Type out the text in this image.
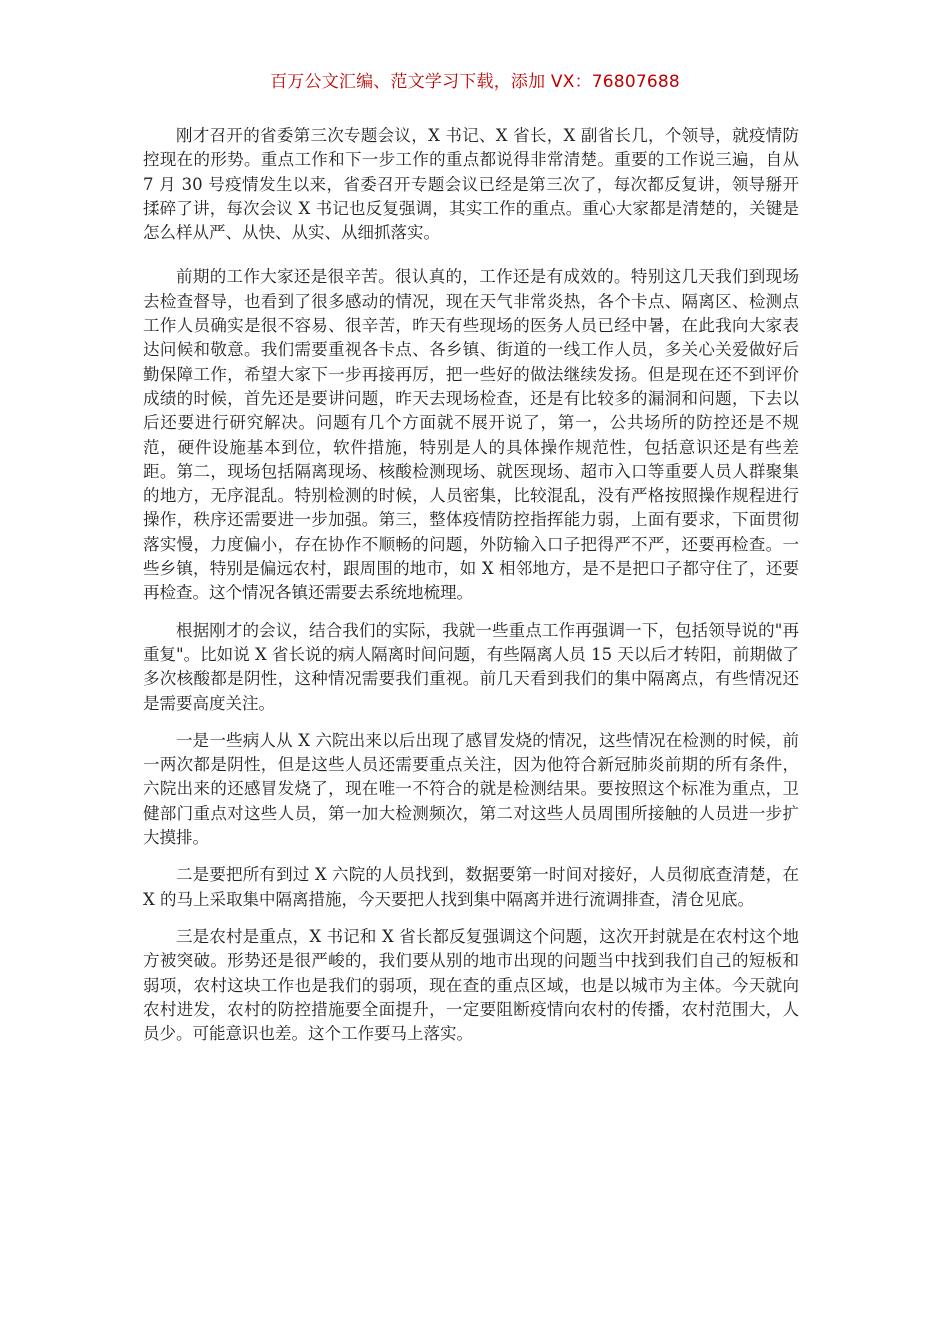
百万公文汇编、范文学习下载，添加 VX：76807688

刚才召开的省委第三次专题会议，X 书记、X 省长，X 副省长几，个领导，就疫情防控现在的形势。重点工作和下一步工作的重点都说得非常清楚。重要的工作说三遍，自从 7 月 30 号疫情发生以来，省委召开专题会议已经是第三次了，每次都反复讲，领导掰开揉碎了讲，每次会议 X 书记也反复强调，其实工作的重点。重心大家都是清楚的，关键是怎么样从严、从快、从实、从细抓落实。

前期的工作大家还是很辛苦。很认真的，工作还是有成效的。特别这几天我们到现场去检查督导，也看到了很多感动的情况，现在天气非常炎热，各个卡点、隔离区、检测点工作人员确实是很不容易、很辛苦，昨天有些现场的医务人员已经中暑，在此我向大家表达问候和敬意。我们需要重视各卡点、各乡镇、街道的一线工作人员，多关心关爱做好后勤保障工作，希望大家下一步再接再厉，把一些好的做法继续发扬。但是现在还不到评价成绩的时候，首先还是要讲问题，昨天去现场检查，还是有比较多的漏洞和问题，下去以后还要进行研究解决。问题有几个方面就不展开说了，第一，公共场所的防控还是不规范，硬件设施基本到位，软件措施，特别是人的具体操作规范性，包括意识还是有些差距。第二，现场包括隔离现场、核酸检测现场、就医现场、超市入口等重要人员人群聚集的地方，无序混乱。特别检测的时候，人员密集，比较混乱，没有严格按照操作规程进行操作，秩序还需要进一步加强。第三，整体疫情防控指挥能力弱，上面有要求，下面贯彻落实慢，力度偏小，存在协作不顺畅的问题，外防输入口子把得严不严，还要再检查。一些乡镇，特别是偏远农村，跟周围的地市，如 X 相邻地方，是不是把口子都守住了，还要再检查。这个情况各镇还需要去系统地梳理。

根据刚才的会议，结合我们的实际，我就一些重点工作再强调一下，包括领导说的"再重复"。比如说 X 省长说的病人隔离时间问题，有些隔离人员 15 天以后才转阳，前期做了多次核酸都是阴性，这种情况需要我们重视。前几天看到我们的集中隔离点，有些情况还是需要高度关注。

一是一些病人从 X 六院出来以后出现了感冒发烧的情况，这些情况在检测的时候，前一两次都是阴性，但是这些人员还需要重点关注，因为他符合新冠肺炎前期的所有条件，六院出来的还感冒发烧了，现在唯一不符合的就是检测结果。要按照这个标准为重点，卫健部门重点对这些人员，第一加大检测频次，第二对这些人员周围所接触的人员进一步扩大摸排。

二是要把所有到过 X 六院的人员找到，数据要第一时间对接好，人员彻底查清楚，在 X 的马上采取集中隔离措施，今天要把人找到集中隔离并进行流调排查，清仓见底。

三是农村是重点，X 书记和 X 省长都反复强调这个问题，这次开封就是在农村这个地方被突破。形势还是很严峻的，我们要从别的地市出现的问题当中找到我们自己的短板和弱项，农村这块工作也是我们的弱项，现在查的重点区域，也是以城市为主体。今天就向农村进发，农村的防控措施要全面提升，一定要阻断疫情向农村的传播，农村范围大，人员少。可能意识也差。这个工作要马上落实。
